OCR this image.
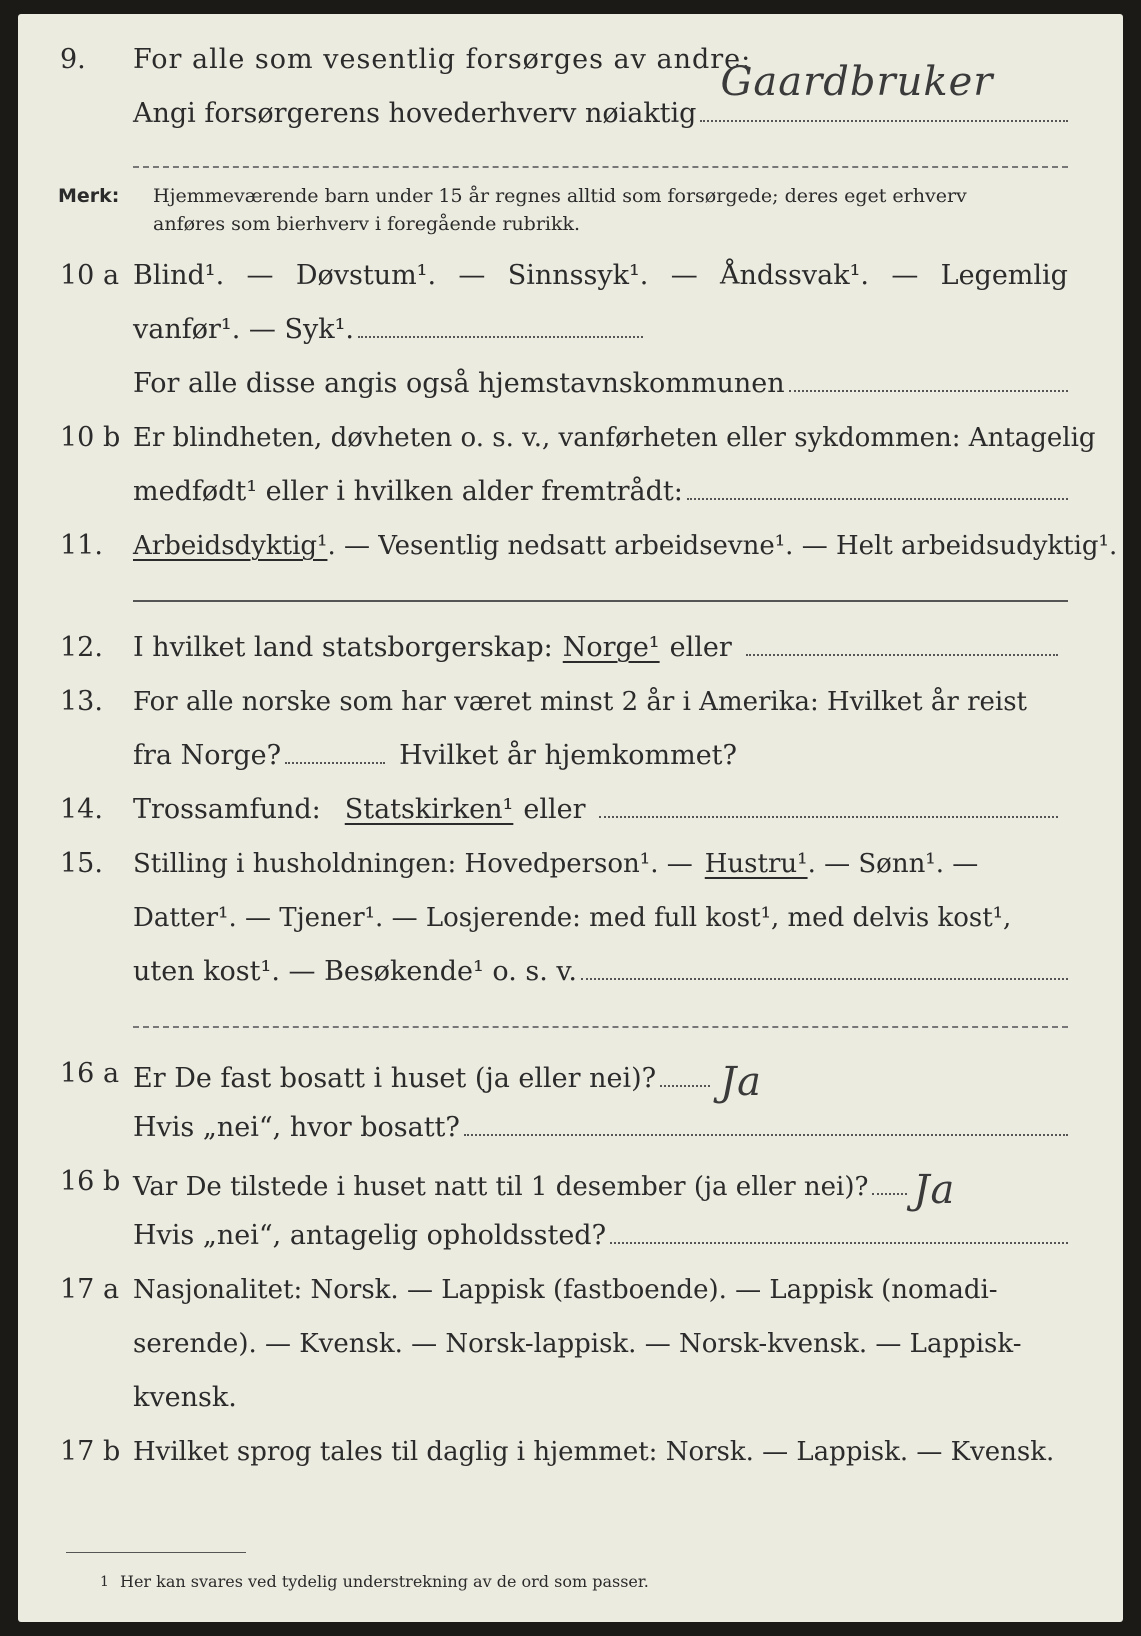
9.	For alle som vesentlig forsørges av andre:
Angi forsørgerens hovederhverv nøiaktig
Gaardbruker
Merk:	Hjemmeværende barn under 15 år regnes alltid som forsørgede; deres eget erhverv
anføres som bierhverv i foregående rubrikk.
10 a Blind¹. — Døvstum¹. — Sinnssyk¹. — Åndssvak¹. — Legemlig
vanfør¹. — Syk¹.
For alle disse angis også hjemstavnskommunen
10 b Er blindheten, døvheten o. s. v., vanførheten eller sykdommen: Antagelig
medfødt¹ eller i hvilken alder fremtrådt:
11.	Arbeidsdyktig¹ . — Vesentlig nedsatt arbeidsevne¹. — Helt arbeidsudyktig¹.
12.	I hvilket land statsborgerskap: Norge¹ eller
13.	For alle norske som har været minst 2 år i Amerika: Hvilket år reist
fra Norge?	Hvilket år hjemkommet?
14.	Trossamfund: Statskirken¹ eller
15.	Stilling i husholdningen: Hovedperson¹. — Hustru¹ . — Sønn¹. —
Datter¹. — Tjener¹. — Losjerende: med full kost¹, med delvis kost¹,
uten kost¹. — Besøkende¹ o. s. v.
16 a Er De fast bosatt i huset (ja eller nei)? Ja
Hvis „nei“, hvor bosatt?
16 b Var De tilstede i huset natt til 1 desember (ja eller nei)? Ja
Hvis „nei“, antagelig opholdssted?
17 a Nasjonalitet: Norsk. — Lappisk (fastboende). — Lappisk (nomadi-
serende). — Kvensk. — Norsk-lappisk. — Norsk-kvensk. — Lappisk-
kvensk.
17 b Hvilket sprog tales til daglig i hjemmet: Norsk. — Lappisk. — Kvensk.
1 Her kan svares ved tydelig understrekning av de ord som passer.
